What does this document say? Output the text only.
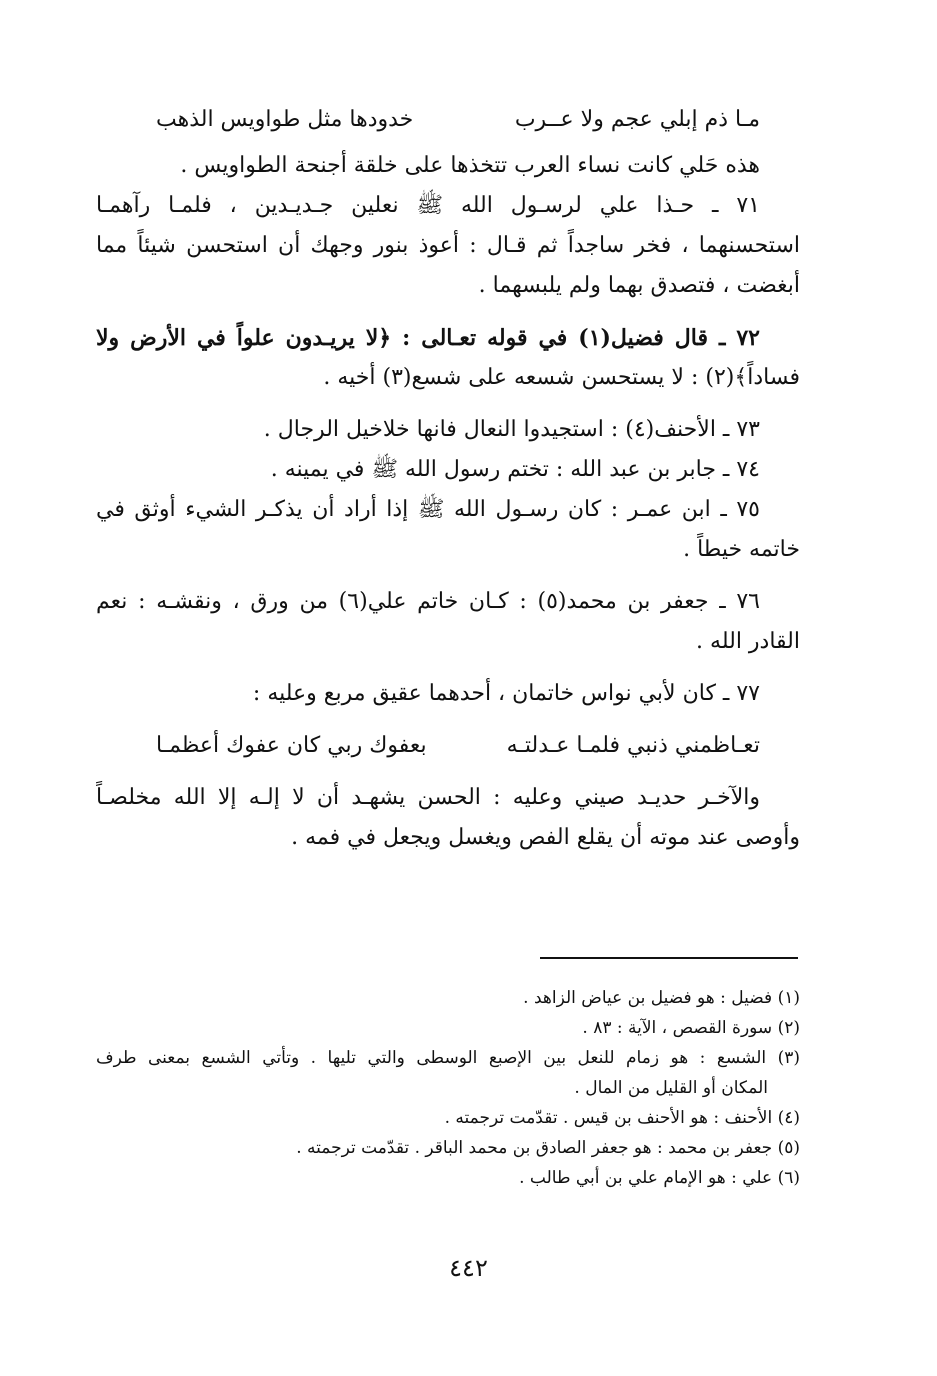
مـا ذم إبلي عجم ولا عــرب
خدودها مثل طواويس الذهب
هذه حَلي كانت نساء العرب تتخذها على خلقة أجنحة الطواويس .
٧١ ـ حـذا علي لرسـول الله ﷺ نعلين جـديـدين ، فلمـا رآهمـا
استحسنهما ، فخر ساجداً ثم قـال : أعوذ بنور وجهك أن استحسن شيئاً مما
أبغضت ، فتصدق بهما ولم يلبسهما .
٧٢ ـ قال فضيل(١) في قوله تعـالى : ﴿لا يريـدون علواً في الأرض ولا
فساداً﴾(٢) : لا يستحسن شسعه على شسع(٣) أخيه .
٧٣ ـ الأحنف(٤) : استجيدوا النعال فانها خلاخيل الرجال .
٧٤ ـ جابر بن عبد الله : تختم رسول الله ﷺ في يمينه .
٧٥ ـ ابن عمـر : كان رسـول الله ﷺ إذا أراد أن يذكـر الشيء أوثق في
خاتمه خيطاً .
٧٦ ـ جعفر بن محمد(٥) : كـان خاتم علي(٦) من ورق ، ونقشـه : نعم
القادر الله .
٧٧ ـ كان لأبي نواس خاتمان ، أحدهما عقيق مربع وعليه :
تعـاظمني ذنبي فلمـا عـدلتـه
بعفوك ربي كان عفوك أعظمـا
والآخـر حديـد صيني وعليه : الحسن يشهـد أن لا إلـه إلا الله مخلصـاً
وأوصى عند موته أن يقلع الفص ويغسل ويجعل في فمه .
(١) فضيل : هو فضيل بن عياض الزاهد .
(٢) سورة القصص ، الآية : ٨٣ .
(٣) الشسع : هو زمام للنعل بين الإصبع الوسطى والتي تليها . وتأتي الشسع بمعنى طرف
المكان أو القليل من المال .
(٤) الأحنف : هو الأحنف بن قيس . تقدّمت ترجمته .
(٥) جعفر بن محمد : هو جعفر الصادق بن محمد الباقر . تقدّمت ترجمته .
(٦) علي : هو الإمام علي بن أبي طالب .
٤٤٢
